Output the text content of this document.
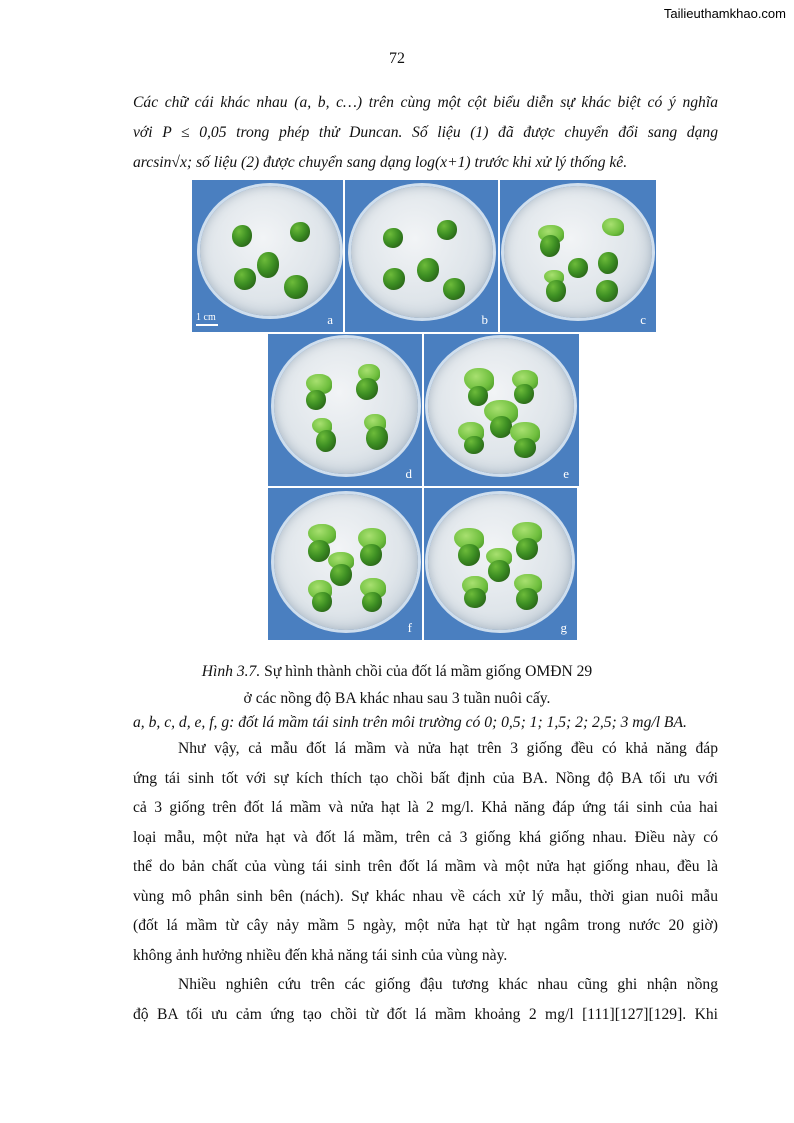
Tailieuthamkhao.com
72

Các chữ cái khác nhau (a, b, c…) trên cùng một cột biểu diễn sự khác biệt có ý nghĩa
với P ≤ 0,05 trong phép thử Duncan. Số liệu (1) đã được chuyển đổi sang dạng
arcsin√x; số liệu (2) được chuyển sang dạng log(x+1) trước khi xử lý thống kê.

1 cm	a	b	c
d	e
f	g
Hình 3.7. Sự hình thành chồi của đốt lá mầm giống OMĐN 29
ở các nồng độ BA khác nhau sau 3 tuần nuôi cấy.
a, b, c, d, e, f, g: đốt lá mầm tái sinh trên môi trường có 0; 0,5; 1; 1,5; 2; 2,5; 3 mg/l BA.

Như vậy, cả mẫu đốt lá mầm và nửa hạt trên 3 giống đều có khả năng đáp
ứng tái sinh tốt với sự kích thích tạo chồi bất định của BA. Nồng độ BA tối ưu với
cả 3 giống trên đốt lá mầm và nửa hạt là 2 mg/l. Khả năng đáp ứng tái sinh của hai
loại mẫu, một nửa hạt và đốt lá mầm, trên cả 3 giống khá giống nhau. Điều này có
thể do bản chất của vùng tái sinh trên đốt lá mầm và một nửa hạt giống nhau, đều là
vùng mô phân sinh bên (nách). Sự khác nhau về cách xử lý mẫu, thời gian nuôi mẫu
(đốt lá mầm từ cây nảy mầm 5 ngày, một nửa hạt từ hạt ngâm trong nước 20 giờ)
không ảnh hưởng nhiều đến khả năng tái sinh của vùng này.
Nhiều nghiên cứu trên các giống đậu tương khác nhau cũng ghi nhận nồng
độ BA tối ưu cảm ứng tạo chồi từ đốt lá mầm khoảng 2 mg/l [111][127][129]. Khi
